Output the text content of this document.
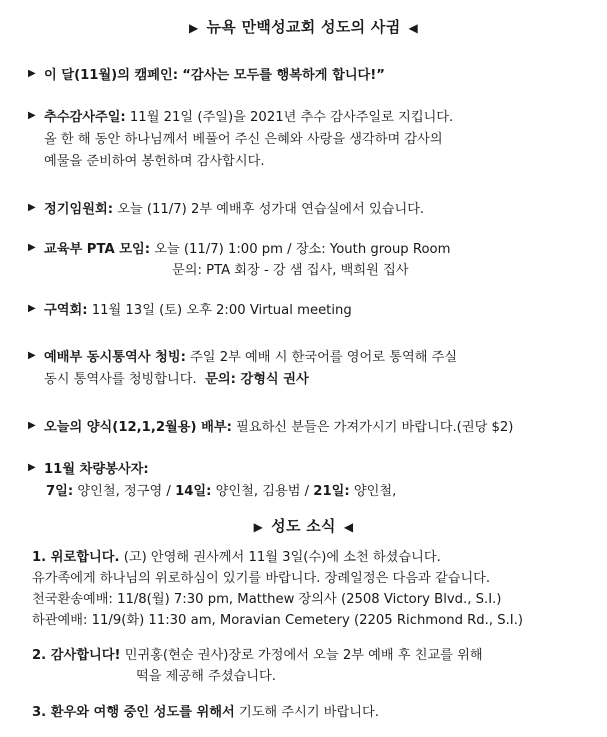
▶ 뉴욕 만백성교회 성도의 사귐 ◀
▶ 이 달(11월)의 캠페인: “감사는 모두를 행복하게 합니다!”
▶ 추수감사주일: 11월 21일 (주일)을 2021년 추수 감사주일로 지킵니다.
올 한 해 동안 하나님께서 베풀어 주신 은혜와 사랑을 생각하며 감사의
예물을 준비하여 봉헌하며 감사합시다.
▶ 정기임원회: 오늘 (11/7) 2부 예배후 성가대 연습실에서 있습니다.
▶ 교육부 PTA 모임: 오늘 (11/7) 1:00 pm / 장소: Youth group Room
문의: PTA 회장 - 강 샘 집사, 백희원 집사
▶ 구역회: 11월 13일 (토) 오후 2:00 Virtual meeting
▶ 예배부 동시통역사 청빙: 주일 2부 예배 시 한국어를 영어로 통역해 주실
동시 통역사를 청빙합니다. 문의: 강형식 권사
▶ 오늘의 양식(12,1,2월용) 배부: 필요하신 분들은 가져가시기 바랍니다.(권당 $2)
▶ 11월 차량봉사자:
7일: 양인철, 정구영 / 14일: 양인철, 김용범 / 21일: 양인철,
▶ 성도 소식 ◀
1. 위로합니다. (고) 안영해 권사께서 11월 3일(수)에 소천 하셨습니다.
유가족에게 하나님의 위로하심이 있기를 바랍니다. 장례일정은 다음과 같습니다.
천국환송예배: 11/8(월) 7:30 pm, Matthew 장의사 (2508 Victory Blvd., S.I.)
하관예배: 11/9(화) 11:30 am, Moravian Cemetery (2205 Richmond Rd., S.I.)
2. 감사합니다! 민귀홍(현순 권사)장로 가정에서 오늘 2부 예배 후 친교를 위해
떡을 제공해 주셨습니다.
3. 환우와 여행 중인 성도를 위해서 기도해 주시기 바랍니다.
